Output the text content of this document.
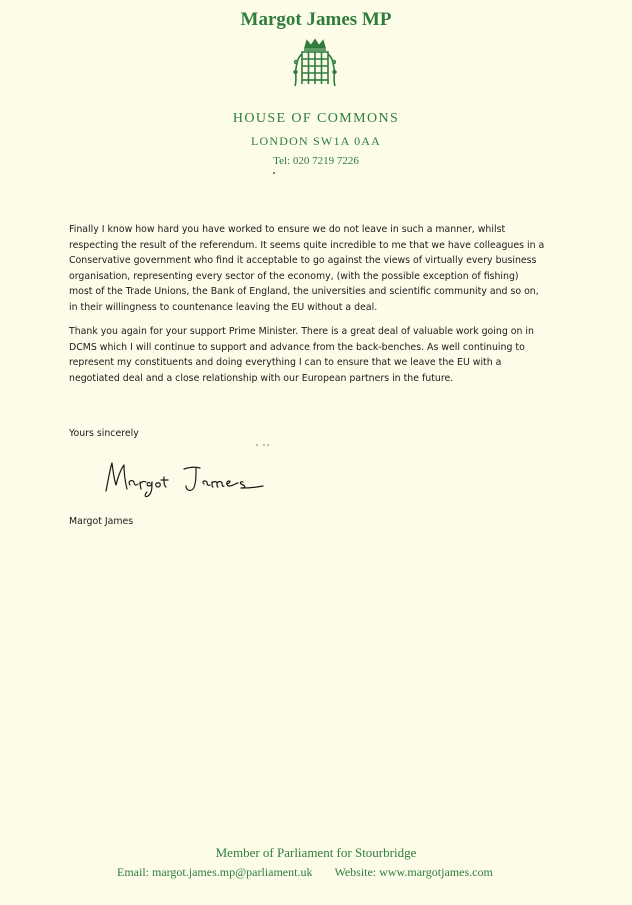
Margot James MP
HOUSE OF COMMONS
LONDON SW1A 0AA
Tel: 020 7219 7226
Finally I know how hard you have worked to ensure we do not leave in such a manner, whilst
respecting the result of the referendum. It seems quite incredible to me that we have colleagues in a
Conservative government who find it acceptable to go against the views of virtually every business
organisation, representing every sector of the economy, (with the possible exception of fishing)
most of the Trade Unions, the Bank of England, the universities and scientific community and so on,
in their willingness to countenance leaving the EU without a deal.
Thank you again for your support Prime Minister. There is a great deal of valuable work going on in
DCMS which I will continue to support and advance from the back-benches. As well continuing to
represent my constituents and doing everything I can to ensure that we leave the EU with a
negotiated deal and a close relationship with our European partners in the future.
Yours sincerely
Margot James
Member of Parliament for Stourbridge
Email: margot.james.mp@parliament.uk Website: www.margotjames.com
